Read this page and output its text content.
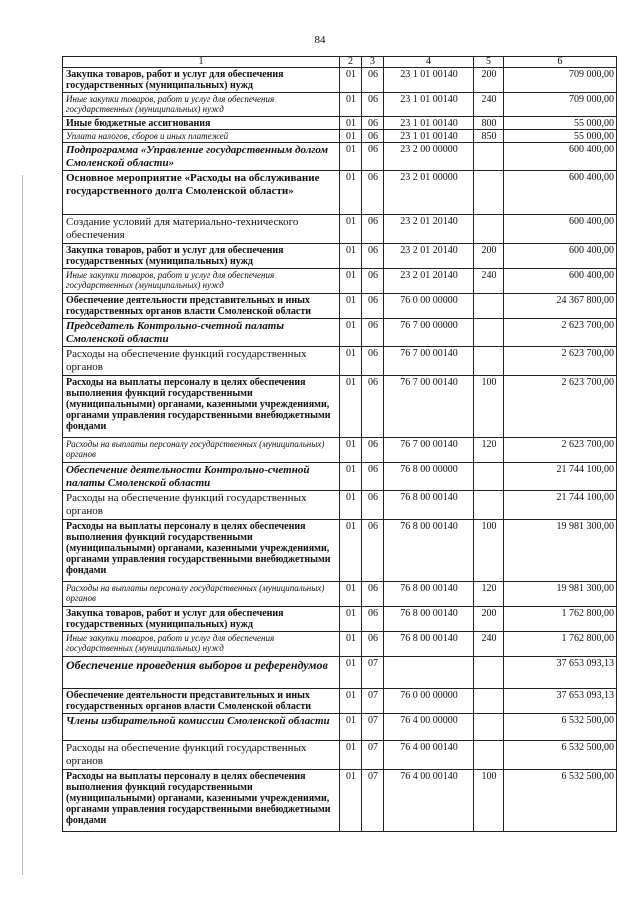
84
1	2	3	4	5	6
Закупка товаров, работ и услуг для обеспечения государственных (муниципальных) нужд	01	06	23 1 01 00140	200	709 000,00
Иные закупки товаров, работ и услуг для обеспечения государственных (муниципальных) нужд	01	06	23 1 01 00140	240	709 000,00
Иные бюджетные ассигнования	01	06	23 1 01 00140	800	55 000,00
Уплата налогов, сборов и иных платежей	01	06	23 1 01 00140	850	55 000,00
Подпрограмма «Управление государственным долгом Смоленской области»	01	06	23 2 00 00000		600 400,00
Основное мероприятие «Расходы на обслуживание государственного долга Смоленской области»	01	06	23 2 01 00000		600 400,00
Создание условий для материально-технического обеспечения	01	06	23 2 01 20140		600 400,00
Закупка товаров, работ и услуг для обеспечения государственных (муниципальных) нужд	01	06	23 2 01 20140	200	600 400,00
Иные закупки товаров, работ и услуг для обеспечения государственных (муниципальных) нужд	01	06	23 2 01 20140	240	600 400,00
Обеспечение деятельности представительных и иных государственных органов власти Смоленской области	01	06	76 0 00 00000		24 367 800,00
Председатель Контрольно-счетной палаты Смоленской области	01	06	76 7 00 00000		2 623 700,00
Расходы на обеспечение функций государственных органов	01	06	76 7 00 00140		2 623 700,00
Расходы на выплаты персоналу в целях обеспечения выполнения функций государственными (муниципальными) органами, казенными учреждениями, органами управления государственными внебюджетными фондами	01	06	76 7 00 00140	100	2 623 700,00
Расходы на выплаты персоналу государственных (муниципальных) органов	01	06	76 7 00 00140	120	2 623 700,00
Обеспечение деятельности Контрольно-счетной палаты Смоленской области	01	06	76 8 00 00000		21 744 100,00
Расходы на обеспечение функций государственных органов	01	06	76 8 00 00140		21 744 100,00
Расходы на выплаты персоналу в целях обеспечения выполнения функций государственными (муниципальными) органами, казенными учреждениями, органами управления государственными внебюджетными фондами	01	06	76 8 00 00140	100	19 981 300,00
Расходы на выплаты персоналу государственных (муниципальных) органов	01	06	76 8 00 00140	120	19 981 300,00
Закупка товаров, работ и услуг для обеспечения государственных (муниципальных) нужд	01	06	76 8 00 00140	200	1 762 800,00
Иные закупки товаров, работ и услуг для обеспечения государственных (муниципальных) нужд	01	06	76 8 00 00140	240	1 762 800,00
Обеспечение проведения выборов и референдумов	01	07			37 653 093,13
Обеспечение деятельности представительных и иных государственных органов власти Смоленской области	01	07	76 0 00 00000		37 653 093,13
Члены избирательной комиссии Смоленской области	01	07	76 4 00 00000		6 532 500,00
Расходы на обеспечение функций государственных органов	01	07	76 4 00 00140		6 532 500,00
Расходы на выплаты персоналу в целях обеспечения выполнения функций государственными (муниципальными) органами, казенными учреждениями, органами управления государственными внебюджетными фондами	01	07	76 4 00 00140	100	6 532 500,00
